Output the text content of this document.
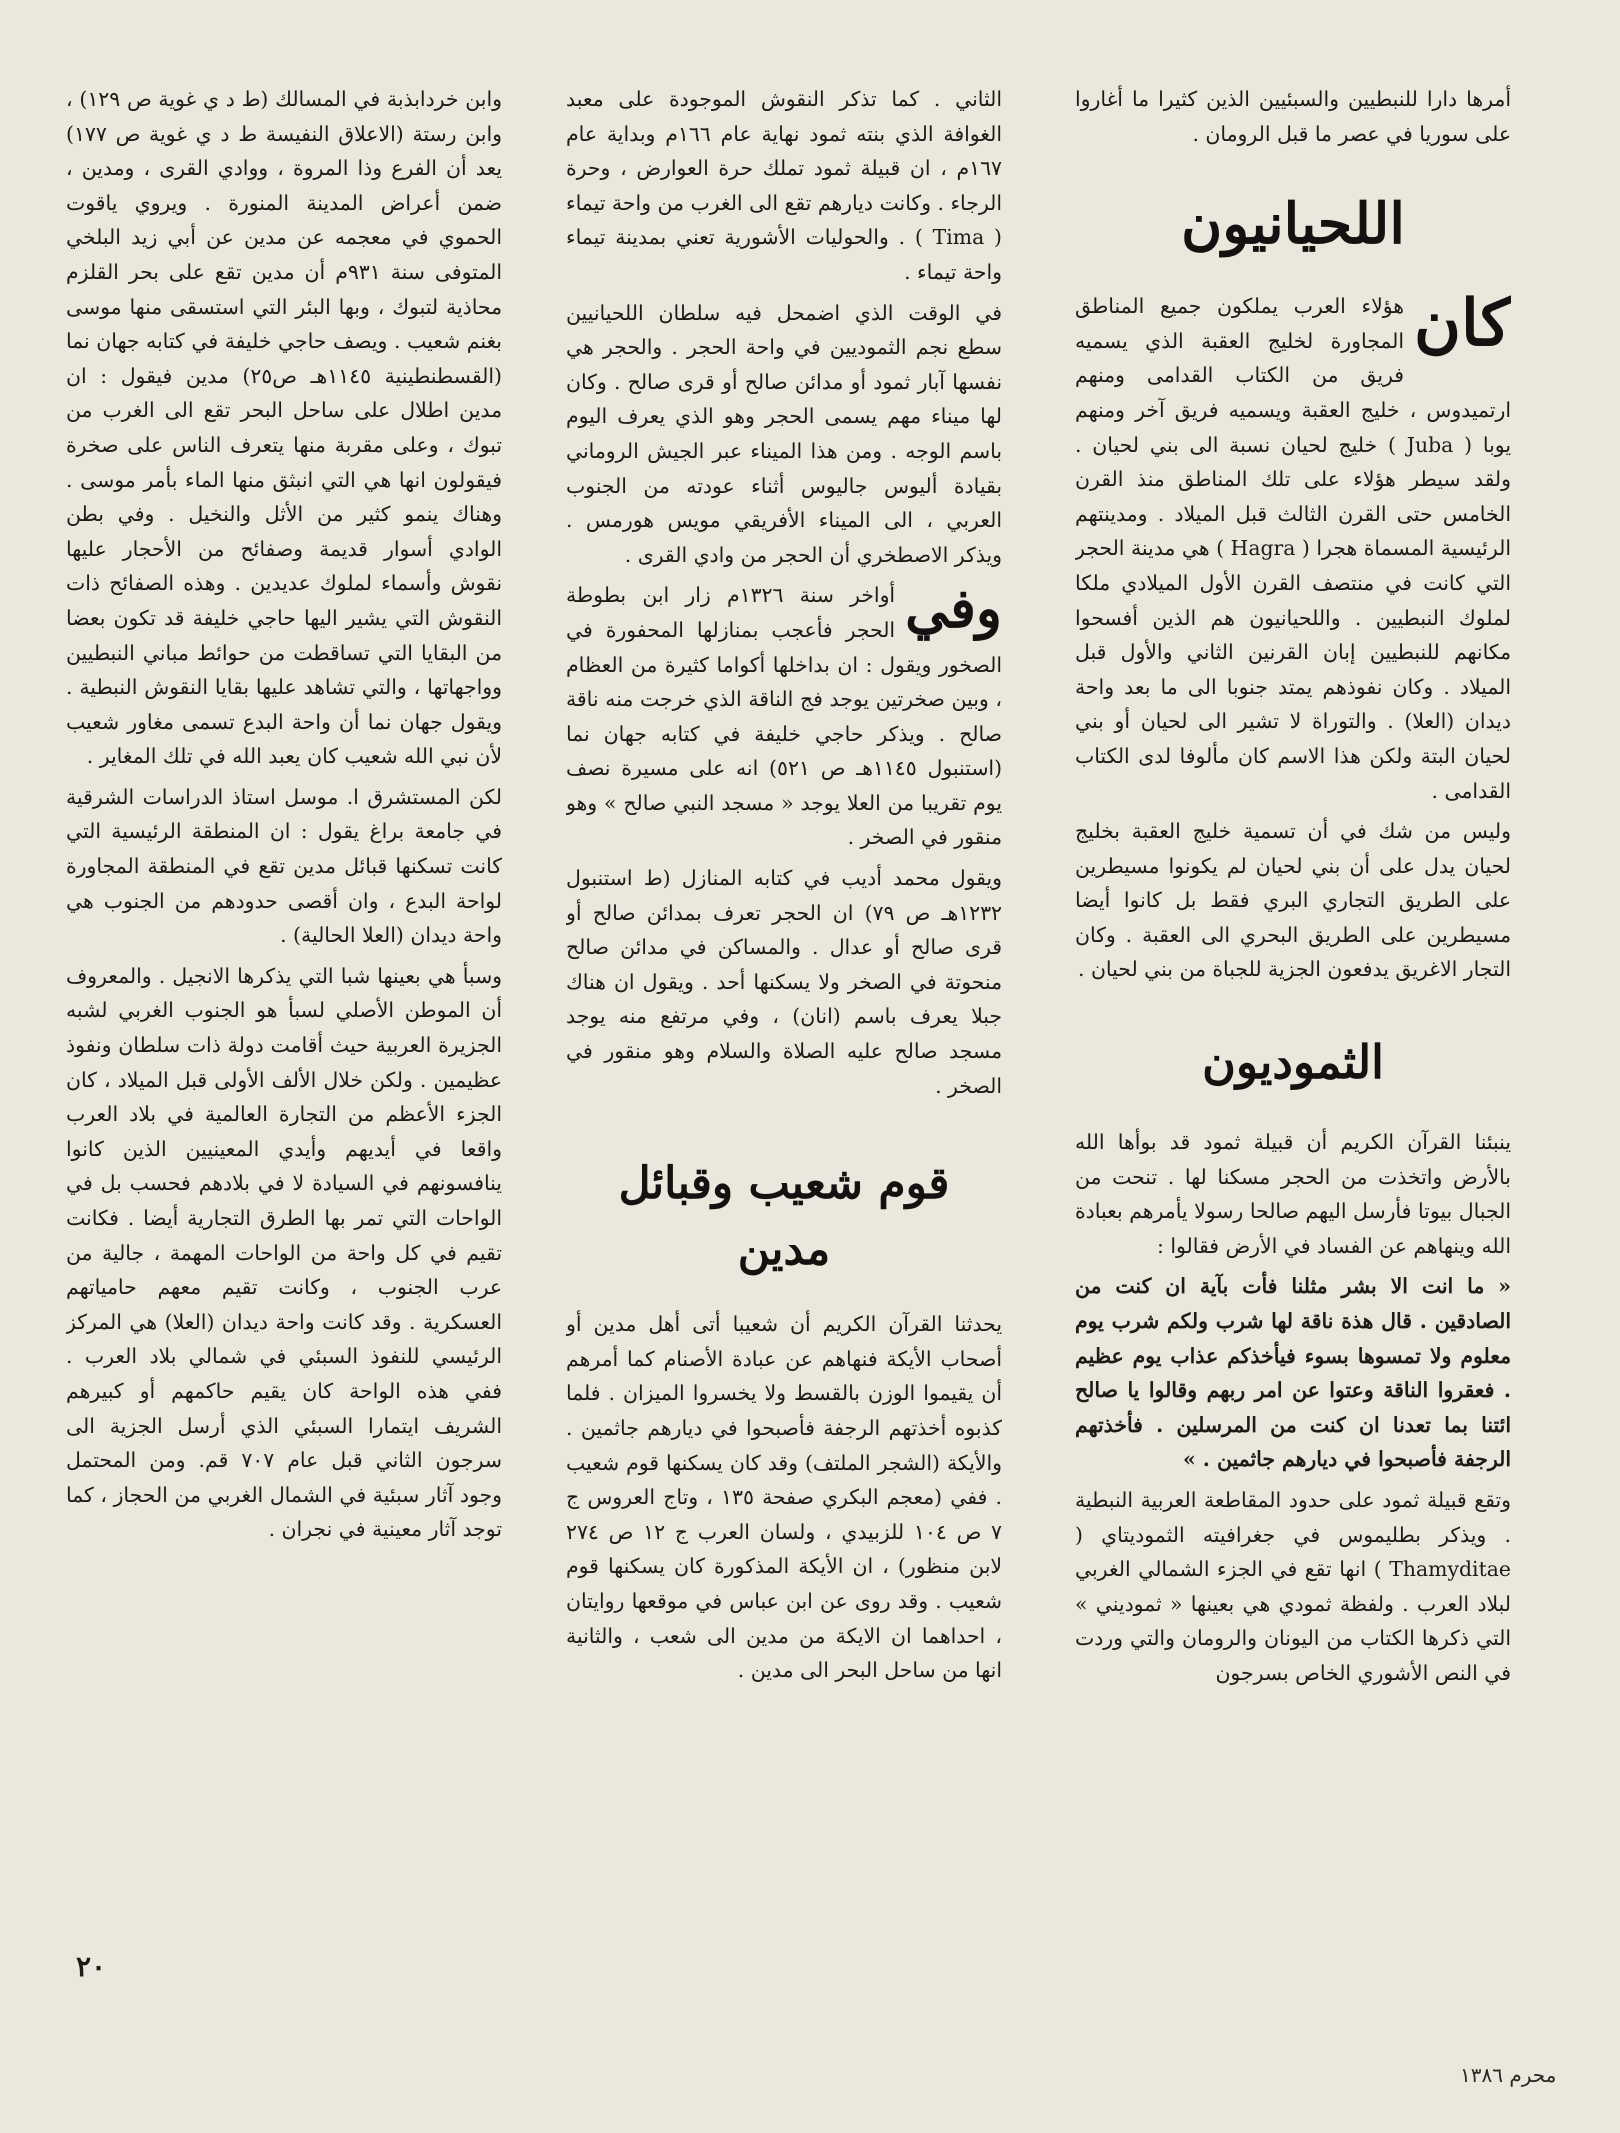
أمرها دارا للنبطيين والسبئيين الذين كثيرا ما أغاروا على سوريا في عصر ما قبل الرومان .

اللحيانيون

كان
هؤلاء العرب يملكون جميع المناطق المجاورة لخليج العقبة الذي يسميه فريق من الكتاب القدامى ومنهم ارتميدوس ، خليج العقبة ويسميه فريق آخر ومنهم يوبا ( Juba ) خليج لحيان نسبة الى بني لحيان . ولقد سيطر هؤلاء على تلك المناطق منذ القرن الخامس حتى القرن الثالث قبل الميلاد . ومدينتهم الرئيسية المسماة هجرا ( Hagra ) هي مدينة الحجر التي كانت في منتصف القرن الأول الميلادي ملكا لملوك النبطيين . واللحيانيون هم الذين أفسحوا مكانهم للنبطيين إبان القرنين الثاني والأول قبل الميلاد . وكان نفوذهم يمتد جنوبا الى ما بعد واحة ديدان (العلا) . والتوراة لا تشير الى لحيان أو بني لحيان البتة ولكن هذا الاسم كان مألوفا لدى الكتاب القدامى .

وليس من شك في أن تسمية خليج العقبة بخليج لحيان يدل على أن بني لحيان لم يكونوا مسيطرين على الطريق التجاري البري فقط بل كانوا أيضا مسيطرين على الطريق البحري الى العقبة . وكان التجار الاغريق يدفعون الجزية للجباة من بني لحيان .

الثموديون

ينبئنا القرآن الكريم أن قبيلة ثمود قد بوأها الله بالأرض واتخذت من الحجر مسكنا لها . تنحت من الجبال بيوتا فأرسل اليهم صالحا رسولا يأمرهم بعبادة الله وينهاهم عن الفساد في الأرض فقالوا :

« ما انت الا بشر مثلنا فأت بآية ان كنت من الصادقين . قال هذة ناقة لها شرب ولكم شرب يوم معلوم ولا تمسوها بسوء فيأخذكم عذاب يوم عظيم . فعقروا الناقة وعتوا عن امر ربهم وقالوا يا صالح ائتنا بما تعدنا ان كنت من المرسلين . فأخذتهم الرجفة فأصبحوا في ديارهم جاثمين . »

وتقع قبيلة ثمود على حدود المقاطعة العربية النبطية . ويذكر بطليموس في جغرافيته الثموديتاي ( Thamyditae ) انها تقع في الجزء الشمالي الغربي لبلاد العرب . ولفظة ثمودي هي بعينها « ثموديني » التي ذكرها الكتاب من اليونان والرومان والتي وردت في النص الأشوري الخاص بسرجون

الثاني . كما تذكر النقوش الموجودة على معبد الغوافة الذي بنته ثمود نهاية عام ١٦٦م وبداية عام ١٦٧م ، ان قبيلة ثمود تملك حرة العوارض ، وحرة الرجاء . وكانت ديارهم تقع الى الغرب من واحة تيماء ( Tima ) . والحوليات الأشورية تعني بمدينة تيماء واحة تيماء .

في الوقت الذي اضمحل فيه سلطان اللحيانيين سطع نجم الثموديين في واحة الحجر . والحجر هي نفسها آبار ثمود أو مدائن صالح أو قرى صالح . وكان لها ميناء مهم يسمى الحجر وهو الذي يعرف اليوم باسم الوجه . ومن هذا الميناء عبر الجيش الروماني بقيادة أليوس جاليوس أثناء عودته من الجنوب العربي ، الى الميناء الأفريقي مويس هورمس . ويذكر الاصطخري أن الحجر من وادي القرى .

وفي
أواخر سنة ١٣٢٦م زار ابن بطوطة الحجر فأعجب بمنازلها المحفورة في الصخور ويقول : ان بداخلها أكواما كثيرة من العظام ، وبين صخرتين يوجد فج الناقة الذي خرجت منه ناقة صالح . ويذكر حاجي خليفة في كتابه جهان نما (استنبول ١١٤٥هـ ص ٥٢١) انه على مسيرة نصف يوم تقريبا من العلا يوجد « مسجد النبي صالح » وهو منقور في الصخر .

ويقول محمد أديب في كتابه المنازل (ط استنبول ١٢٣٢هـ ص ٧٩) ان الحجر تعرف بمدائن صالح أو قرى صالح أو عدال . والمساكن في مدائن صالح منحوتة في الصخر ولا يسكنها أحد . ويقول ان هناك جبلا يعرف باسم (انان) ، وفي مرتفع منه يوجد مسجد صالح عليه الصلاة والسلام وهو منقور في الصخر .

قوم شعيب وقبائل مدين

يحدثنا القرآن الكريم أن شعيبا أتى أهل مدين أو أصحاب الأيكة فنهاهم عن عبادة الأصنام كما أمرهم أن يقيموا الوزن بالقسط ولا يخسروا الميزان . فلما كذبوه أخذتهم الرجفة فأصبحوا في ديارهم جاثمين . والأيكة (الشجر الملتف) وقد كان يسكنها قوم شعيب . ففي (معجم البكري صفحة ١٣٥ ، وتاج العروس ج ٧ ص ١٠٤ للزبيدي ، ولسان العرب ج ١٢ ص ٢٧٤ لابن منظور) ، ان الأيكة المذكورة كان يسكنها قوم شعيب . وقد روى عن ابن عباس في موقعها روايتان ، احداهما ان الايكة من مدين الى شعب ، والثانية انها من ساحل البحر الى مدين .

وابن خردابذبة في المسالك (ط د ي غوية ص ١٢٩) ، وابن رستة (الاعلاق النفيسة ط د ي غوية ص ١٧٧) يعد أن الفرع وذا المروة ، ووادي القرى ، ومدين ، ضمن أعراض المدينة المنورة . ويروي ياقوت الحموي في معجمه عن مدين عن أبي زيد البلخي المتوفى سنة ٩٣١م أن مدين تقع على بحر القلزم محاذية لتبوك ، وبها البئر التي استسقى منها موسى بغنم شعيب . ويصف حاجي خليفة في كتابه جهان نما (القسطنطينية ١١٤٥هـ ص٢٥) مدين فيقول : ان مدين اطلال على ساحل البحر تقع الى الغرب من تبوك ، وعلى مقربة منها يتعرف الناس على صخرة فيقولون انها هي التي انبثق منها الماء بأمر موسى . وهناك ينمو كثير من الأثل والنخيل . وفي بطن الوادي أسوار قديمة وصفائح من الأحجار عليها نقوش وأسماء لملوك عديدين . وهذه الصفائح ذات النقوش التي يشير اليها حاجي خليفة قد تكون بعضا من البقايا التي تساقطت من حوائط مباني النبطيين وواجهاتها ، والتي تشاهد عليها بقايا النقوش النبطية . ويقول جهان نما أن واحة البدع تسمى مغاور شعيب لأن نبي الله شعيب كان يعبد الله في تلك المغاير .

لكن المستشرق ا. موسل استاذ الدراسات الشرقية في جامعة براغ يقول : ان المنطقة الرئيسية التي كانت تسكنها قبائل مدين تقع في المنطقة المجاورة لواحة البدع ، وان أقصى حدودهم من الجنوب هي واحة ديدان (العلا الحالية) .

وسبأ هي بعينها شبا التي يذكرها الانجيل . والمعروف أن الموطن الأصلي لسبأ هو الجنوب الغربي لشبه الجزيرة العربية حيث أقامت دولة ذات سلطان ونفوذ عظيمين . ولكن خلال الألف الأولى قبل الميلاد ، كان الجزء الأعظم من التجارة العالمية في بلاد العرب واقعا في أيديهم وأيدي المعينيين الذين كانوا ينافسونهم في السيادة لا في بلادهم فحسب بل في الواحات التي تمر بها الطرق التجارية أيضا . فكانت تقيم في كل واحة من الواحات المهمة ، جالية من عرب الجنوب ، وكانت تقيم معهم حامياتهم العسكرية . وقد كانت واحة ديدان (العلا) هي المركز الرئيسي للنفوذ السبئي في شمالي بلاد العرب . ففي هذه الواحة كان يقيم حاكمهم أو كبيرهم الشريف ايتمارا السبئي الذي أرسل الجزية الى سرجون الثاني قبل عام ٧٠٧ قم. ومن المحتمل وجود آثار سبئية في الشمال الغربي من الحجاز ، كما توجد آثار معينية في نجران .

٢٠
محرم ١٣٨٦
